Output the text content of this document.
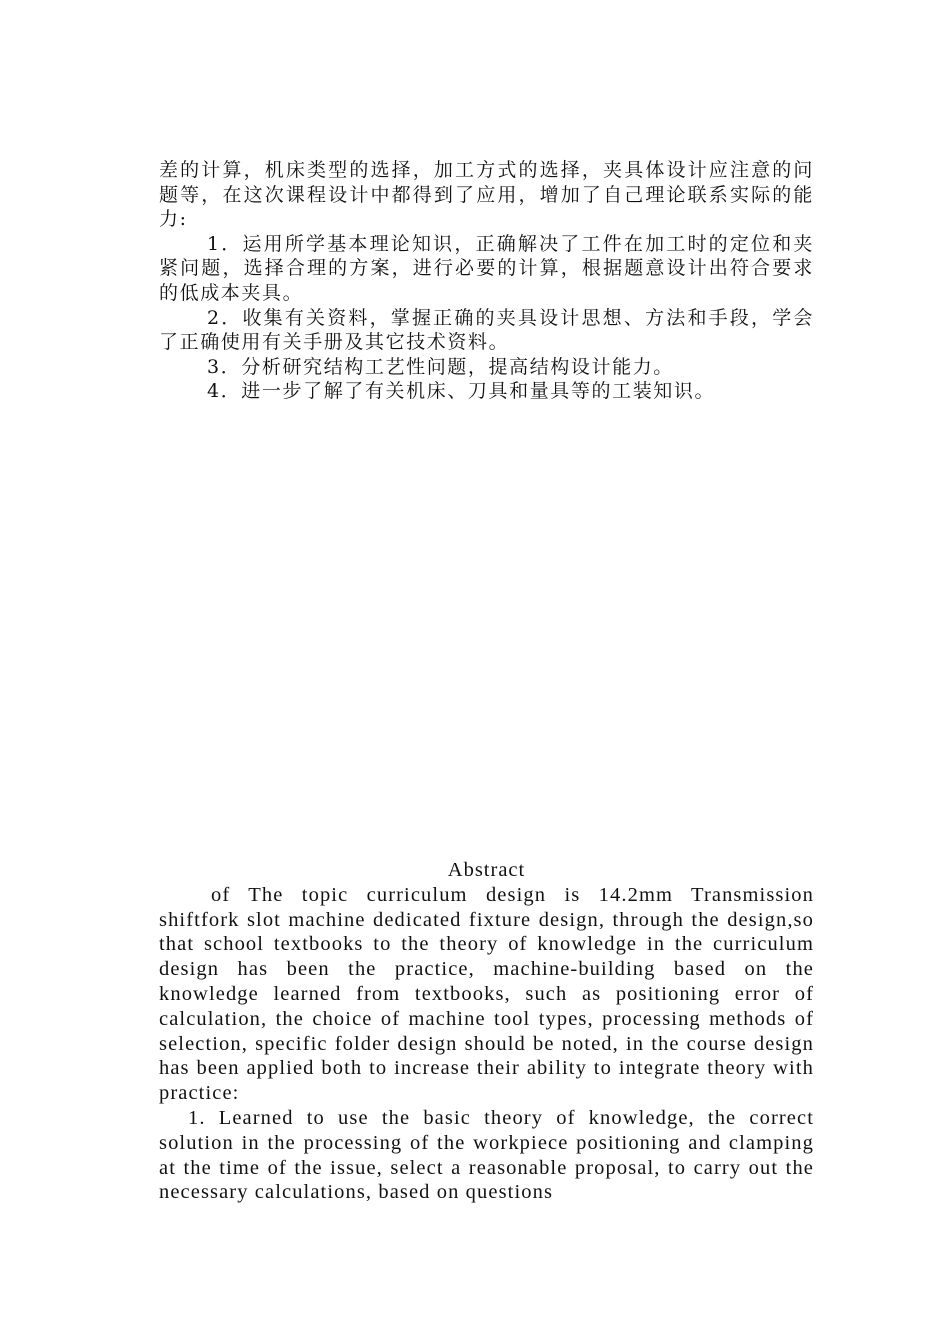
差的计算，机床类型的选择，加工方式的选择，夹具体设计应注意的问题等，在这次课程设计中都得到了应用，增加了自己理论联系实际的能力:

1．运用所学基本理论知识，正确解决了工件在加工时的定位和夹紧问题，选择合理的方案，进行必要的计算，根据题意设计出符合要求的低成本夹具。

2．收集有关资料，掌握正确的夹具设计思想、方法和手段，学会了正确使用有关手册及其它技术资料。

3．分析研究结构工艺性问题，提高结构设计能力。

4．进一步了解了有关机床、刀具和量具等的工装知识。

Abstract

of The topic curriculum design is 14.2mm Transmission shiftfork slot machine dedicated fixture design, through the design,so that school textbooks to the theory of knowledge in the curriculum design has been the practice, machine-building based on the knowledge learned from textbooks, such as positioning error of calculation, the choice of machine tool types, processing methods of selection, specific folder design should be noted, in the course design has been applied both to increase their ability to integrate theory with practice:

1. Learned to use the basic theory of knowledge, the correct solution in the processing of the workpiece positioning and clamping at the time of the issue, select a reasonable proposal, to carry out the necessary calculations, based on questions
